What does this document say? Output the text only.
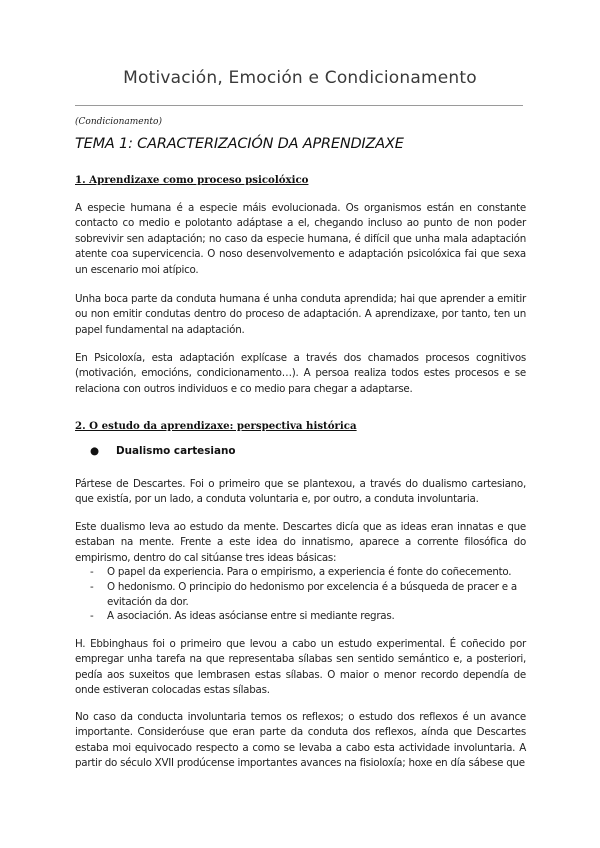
Motivación, Emoción e Condicionamento
(Condicionamento)
TEMA 1: CARACTERIZACIÓN DA APRENDIZAXE
1. Aprendizaxe como proceso psicolóxico

A especie humana é a especie máis evolucionada. Os organismos están en constante contacto co medio e polotanto adáptase a el, chegando incluso ao punto de non poder sobrevivir sen adaptación; no caso da especie humana, é difícil que unha mala adaptación atente coa supervicencia. O noso desenvolvemento e adaptación psicolóxica fai que sexa un escenario moi atípico.

Unha boca parte da conduta humana é unha conduta aprendida; hai que aprender a emitir ou non emitir condutas dentro do proceso de adaptación. A aprendizaxe, por tanto, ten un papel fundamental na adaptación.

En Psicoloxía, esta adaptación explícase a través dos chamados procesos cognitivos (motivación, emocións, condicionamento…). A persoa realiza todos estes procesos e se relaciona con outros individuos e co medio para chegar a adaptarse.

2. O estudo da aprendizaxe: perspectiva histórica
● Dualismo cartesiano

Pártese de Descartes. Foi o primeiro que se plantexou, a través do dualismo cartesiano, que existía, por un lado, a conduta voluntaria e, por outro, a conduta involuntaria.

Este dualismo leva ao estudo da mente. Descartes dicía que as ideas eran innatas e que estaban na mente. Frente a este idea do innatismo, aparece a corrente filosófica do empirismo, dentro do cal sitúanse tres ideas básicas:

- O papel da experiencia. Para o empirismo, a experiencia é fonte do coñecemento.
- O hedonismo. O principio do hedonismo por excelencia é a búsqueda de pracer e a evitación da dor.
- A asociación. As ideas asócianse entre si mediante regras.

H. Ebbinghaus foi o primeiro que levou a cabo un estudo experimental. É coñecido por empregar unha tarefa na que representaba sílabas sen sentido semántico e, a posteriori, pedía aos suxeitos que lembrasen estas sílabas. O maior o menor recordo dependía de onde estiveran colocadas estas sílabas.

No caso da conducta involuntaria temos os reflexos; o estudo dos reflexos é un avance importante. Consideróuse que eran parte da conduta dos reflexos, aínda que Descartes estaba moi equivocado respecto a como se levaba a cabo esta actividade involuntaria. A partir do século XVII prodúcense importantes avances na fisioloxía; hoxe en día sábese que
